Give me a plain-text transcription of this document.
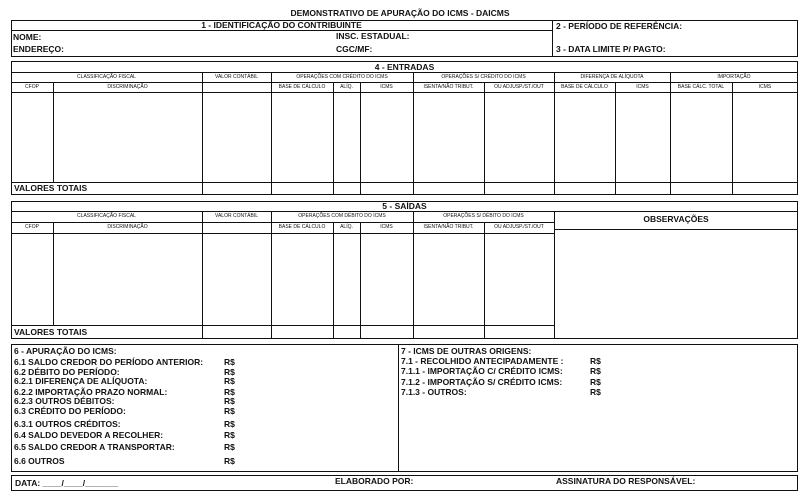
DEMONSTRATIVO DE APURAÇÃO DO ICMS - DAICMS
1 - IDENTIFICAÇÃO DO CONTRIBUINTE
NOME:	INSC. ESTADUAL:
ENDEREÇO:	CGC/MF:
2 - PERÍODO DE REFERÊNCIA:
3 - DATA LIMITE P/ PAGTO:
4 - ENTRADAS
CLASSIFICAÇÃO FISCAL	VALOR CONTÁBIL	OPERAÇÕES COM CRÉDITO DO ICMS	OPERAÇÕES S/ CRÉDITO DO ICMS	DIFERENÇA DE ALÍQUOTA	IMPORTAÇÃO
CFOP	DISCRIMINAÇÃO	BASE DE CÁLCULO	ALÍQ.	ICMS	ISENTA/NÃO TRIBUT.	OU ADJUSP./ST./OUT	BASE DE CÁLCULO	ICMS	BASE CÁLC. TOTAL	ICMS
VALORES TOTAIS
5 - SAÍDAS
CLASSIFICAÇÃO FISCAL	VALOR CONTÁBIL	OPERAÇÕES COM DÉBITO DO ICMS	OPERAÇÕES S/ DÉBITO DO ICMS	OBSERVAÇÕES
CFOP	DISCRIMINAÇÃO	BASE DE CÁLCULO	ALÍQ.	ICMS	ISENTA/NÃO TRIBUT.	OU ADJUSP./ST./OUT
VALORES TOTAIS
6 - APURAÇÃO DO ICMS:
6.1 SALDO CREDOR DO PERÍODO ANTERIOR: R$
6.2 DÉBITO DO PERÍODO:	R$
6.2.1 DIFERENÇA DE ALÍQUOTA:	R$
6.2.2 IMPORTAÇÃO PRAZO NORMAL:	R$
6.2.3 OUTROS DÉBITOS:	R$
6.3 CRÉDITO DO PERÍODO:	R$
6.3.1 OUTROS CRÉDITOS:	R$
6.4 SALDO DEVEDOR A RECOLHER:	R$
6.5 SALDO CREDOR A TRANSPORTAR:	R$
6.6 OUTROS	R$
7 - ICMS DE OUTRAS ORIGENS:
7.1 - RECOLHIDO ANTECIPADAMENTE :	R$
7.1.1 - IMPORTAÇÃO C/ CRÉDITO ICMS:	R$
7.1.2 - IMPORTAÇÃO S/ CRÉDITO ICMS:	R$
7.1.3 - OUTROS:	R$
DATA: ____/____/_______	ELABORADO POR:	ASSINATURA DO RESPONSÁVEL:
